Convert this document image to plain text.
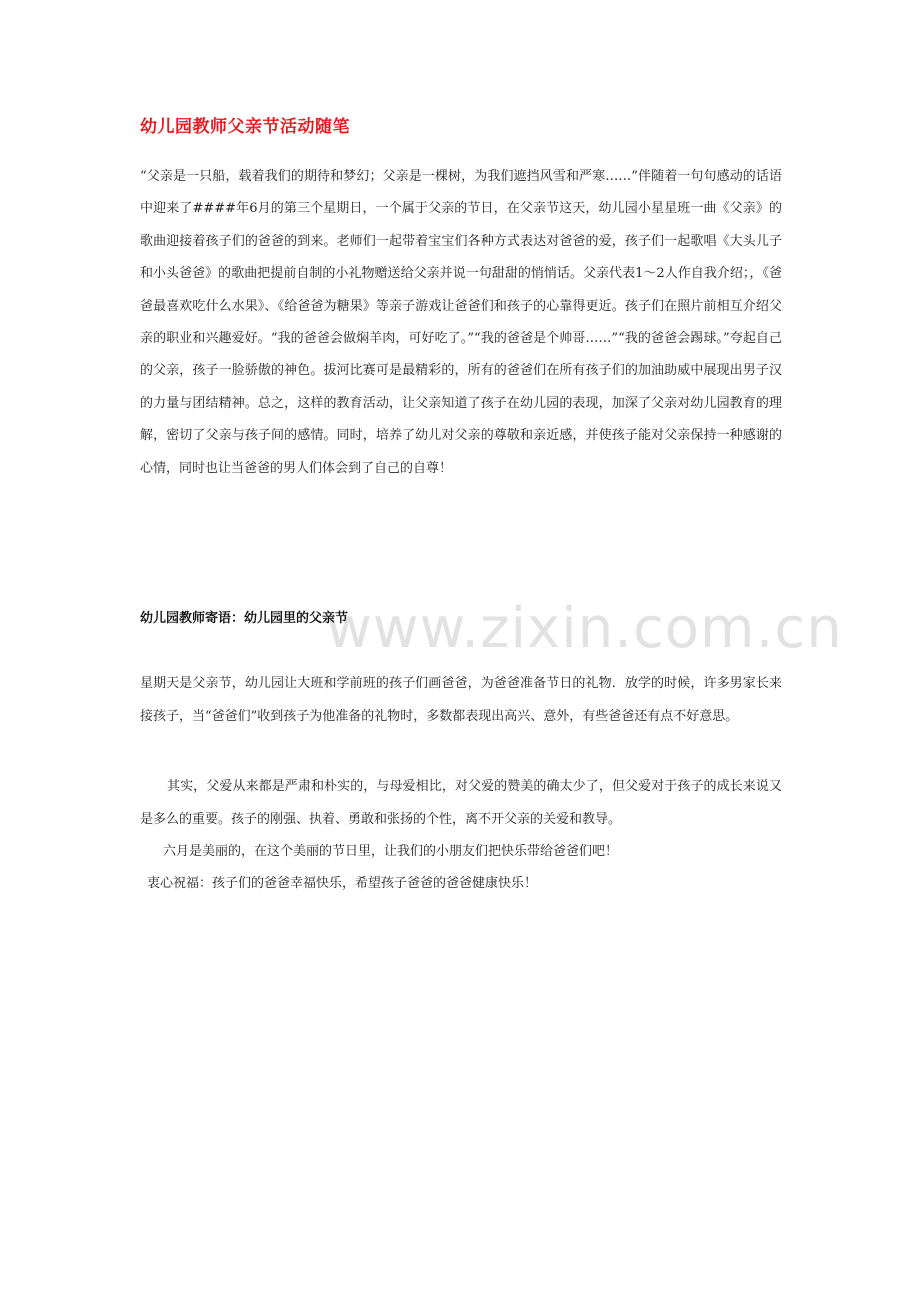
幼儿园教师父亲节活动随笔
“父亲是一只船，载着我们的期待和梦幻；父亲是一棵树，为我们遮挡风雪和严寒……”伴随着一句句感动的话语中迎来了####年6月的第三个星期日，一个属于父亲的节日，在父亲节这天，幼儿园小星星班一曲《父亲》的歌曲迎接着孩子们的爸爸的到来。老师们一起带着宝宝们各种方式表达对爸爸的爱，孩子们一起歌唱《大头儿子和小头爸爸》的歌曲把提前自制的小礼物赠送给父亲并说一句甜甜的悄悄话。父亲代表1～2人作自我介绍；，《爸爸最喜欢吃什么水果》、《给爸爸为糖果》等亲子游戏让爸爸们和孩子的心靠得更近。孩子们在照片前相互介绍父亲的职业和兴趣爱好。“我的爸爸会做焖羊肉，可好吃了。”“我的爸爸是个帅哥……”“我的爸爸会踢球。”夸起自己的父亲，孩子一脸骄傲的神色。拔河比赛可是最精彩的，所有的爸爸们在所有孩子们的加油助威中展现出男子汉的力量与团结精神。总之，这样的教育活动，让父亲知道了孩子在幼儿园的表现，加深了父亲对幼儿园教育的理解，密切了父亲与孩子间的感情。同时，培养了幼儿对父亲的尊敬和亲近感，并使孩子能对父亲保持一种感谢的心情，同时也让当爸爸的男人们体会到了自己的自尊！
www.zixin.com.cn
幼儿园教师寄语：幼儿园里的父亲节
星期天是父亲节，幼儿园让大班和学前班的孩子们画爸爸，为爸爸准备节日的礼物．放学的时候，许多男家长来接孩子，当“爸爸们”收到孩子为他准备的礼物时，多数都表现出高兴、意外，有些爸爸还有点不好意思。
其实，父爱从来都是严肃和朴实的，与母爱相比，对父爱的赞美的确太少了，但父爱对于孩子的成长来说又是多么的重要。孩子的刚强、执着、勇敢和张扬的个性，离不开父亲的关爱和教导。
六月是美丽的，在这个美丽的节日里，让我们的小朋友们把快乐带给爸爸们吧！
衷心祝福：孩子们的爸爸幸福快乐，希望孩子爸爸的爸爸健康快乐！
